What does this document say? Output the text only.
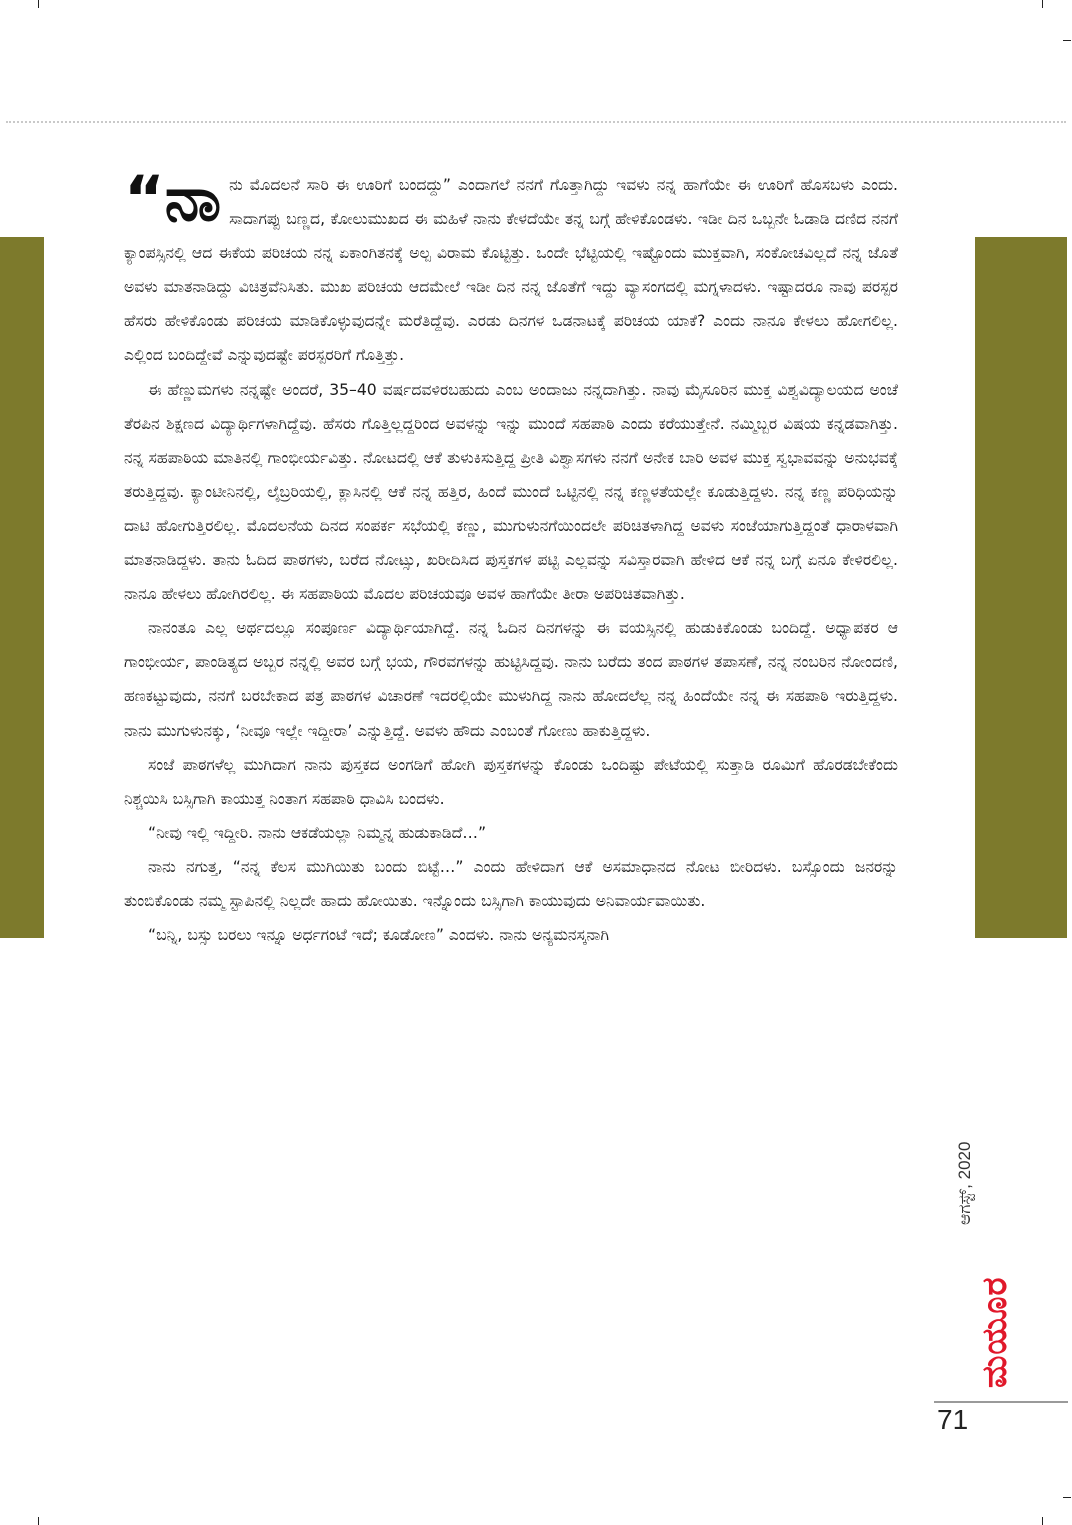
“ನಾ ನು ಮೊದಲನೆ ಸಾರಿ ಈ ಊರಿಗೆ ಬಂದದ್ದು” ಎಂದಾಗಲೆ ನನಗೆ ಗೊತ್ತಾಗಿದ್ದು ಇವಳು ನನ್ನ ಹಾಗೆಯೇ ಈ ಊರಿಗೆ ಹೊಸಬಳು ಎಂದು. ಸಾದಾಗಪ್ಪು ಬಣ್ಣದ, ಕೋಲುಮುಖದ ಈ ಮಹಿಳೆ ನಾನು ಕೇಳದೆಯೇ ತನ್ನ ಬಗ್ಗೆ ಹೇಳಿಕೊಂಡಳು. ಇಡೀ ದಿನ ಒಬ್ಬನೇ ಓಡಾಡಿ ದಣಿದ ನನಗೆ ಕ್ಯಾಂಪಸ್ಸಿನಲ್ಲಿ ಆದ ಈಕೆಯ ಪರಿಚಯ ನನ್ನ ಏಕಾಂಗಿತನಕ್ಕೆ ಅಲ್ಪ ವಿರಾಮ ಕೊಟ್ಟಿತ್ತು. ಒಂದೇ ಭೆಟ್ಟಿಯಲ್ಲಿ ಇಷ್ಟೊಂದು ಮುಕ್ತವಾಗಿ, ಸಂಕೋಚವಿಲ್ಲದೆ ನನ್ನ ಜೊತೆ ಅವಳು ಮಾತನಾಡಿದ್ದು ವಿಚಿತ್ರವೆನಿಸಿತು. ಮುಖ ಪರಿಚಯ ಆದಮೇಲೆ ಇಡೀ ದಿನ ನನ್ನ ಜೊತೆಗೆ ಇದ್ದು ವ್ಯಾಸಂಗದಲ್ಲಿ ಮಗ್ನಳಾದಳು. ಇಷ್ಟಾದರೂ ನಾವು ಪರಸ್ಪರ ಹೆಸರು ಹೇಳಿಕೊಂಡು ಪರಿಚಯ ಮಾಡಿಕೊಳ್ಳುವುದನ್ನೇ ಮರೆತಿದ್ದೆವು. ಎರಡು ದಿನಗಳ ಒಡನಾಟಕ್ಕೆ ಪರಿಚಯ ಯಾಕೆ? ಎಂದು ನಾನೂ ಕೇಳಲು ಹೋಗಲಿಲ್ಲ. ಎಲ್ಲಿಂದ ಬಂದಿದ್ದೇವೆ ಎನ್ನುವುದಷ್ಟೇ ಪರಸ್ಪರರಿಗೆ ಗೊತ್ತಿತ್ತು.

ಈ ಹೆಣ್ಣುಮಗಳು ನನ್ನಷ್ಟೇ ಅಂದರೆ, 35–40 ವರ್ಷದವಳಿರಬಹುದು ಎಂಬ ಅಂದಾಜು ನನ್ನದಾಗಿತ್ತು. ನಾವು ಮೈಸೂರಿನ ಮುಕ್ತ ವಿಶ್ವವಿದ್ಯಾಲಯದ ಅಂಚೆ ತೆರಪಿನ ಶಿಕ್ಷಣದ ವಿದ್ಯಾರ್ಥಿಗಳಾಗಿದ್ದೆವು. ಹೆಸರು ಗೊತ್ತಿಲ್ಲದ್ದರಿಂದ ಅವಳನ್ನು ಇನ್ನು ಮುಂದೆ ಸಹಪಾಠಿ ಎಂದು ಕರೆಯುತ್ತೇನೆ. ನಮ್ಮಿಬ್ಬರ ವಿಷಯ ಕನ್ನಡವಾಗಿತ್ತು. ನನ್ನ ಸಹಪಾಠಿಯ ಮಾತಿನಲ್ಲಿ ಗಾಂಭೀರ್ಯವಿತ್ತು. ನೋಟದಲ್ಲಿ ಆಕೆ ತುಳುಕಿಸುತ್ತಿದ್ದ ಪ್ರೀತಿ ವಿಶ್ವಾಸಗಳು ನನಗೆ ಅನೇಕ ಬಾರಿ ಅವಳ ಮುಕ್ತ ಸ್ವಭಾವವನ್ನು ಅನುಭವಕ್ಕೆ ತರುತ್ತಿದ್ದವು. ಕ್ಯಾಂಟೀನಿನಲ್ಲಿ, ಲೈಬ್ರರಿಯಲ್ಲಿ, ಕ್ಲಾಸಿನಲ್ಲಿ ಆಕೆ ನನ್ನ ಹತ್ತಿರ, ಹಿಂದೆ ಮುಂದೆ ಒಟ್ಟಿನಲ್ಲಿ ನನ್ನ ಕಣ್ಣಳತೆಯಲ್ಲೇ ಕೂಡುತ್ತಿದ್ದಳು. ನನ್ನ ಕಣ್ಣ ಪರಿಧಿಯನ್ನು ದಾಟಿ ಹೋಗುತ್ತಿರಲಿಲ್ಲ. ಮೊದಲನೆಯ ದಿನದ ಸಂಪರ್ಕ ಸಭೆಯಲ್ಲಿ ಕಣ್ಣು, ಮುಗುಳುನಗೆಯಿಂದಲೇ ಪರಿಚಿತಳಾಗಿದ್ದ ಅವಳು ಸಂಜೆಯಾಗುತ್ತಿದ್ದಂತೆ ಧಾರಾಳವಾಗಿ ಮಾತನಾಡಿದ್ದಳು. ತಾನು ಓದಿದ ಪಾಠಗಳು, ಬರೆದ ನೋಟ್ಸು, ಖರೀದಿಸಿದ ಪುಸ್ತಕಗಳ ಪಟ್ಟಿ ಎಲ್ಲವನ್ನು ಸವಿಸ್ತಾರವಾಗಿ ಹೇಳಿದ ಆಕೆ ನನ್ನ ಬಗ್ಗೆ ಏನೂ ಕೇಳಿರಲಿಲ್ಲ. ನಾನೂ ಹೇಳಲು ಹೋಗಿರಲಿಲ್ಲ. ಈ ಸಹಪಾಠಿಯ ಮೊದಲ ಪರಿಚಯವೂ ಅವಳ ಹಾಗೆಯೇ ತೀರಾ ಅಪರಿಚಿತವಾಗಿತ್ತು.

ನಾನಂತೂ ಎಲ್ಲ ಅರ್ಥದಲ್ಲೂ ಸಂಪೂರ್ಣ ವಿದ್ಯಾರ್ಥಿಯಾಗಿದ್ದೆ. ನನ್ನ ಓದಿನ ದಿನಗಳನ್ನು ಈ ವಯಸ್ಸಿನಲ್ಲಿ ಹುಡುಕಿಕೊಂಡು ಬಂದಿದ್ದೆ. ಅಧ್ಯಾಪಕರ ಆ ಗಾಂಭೀರ್ಯ, ಪಾಂಡಿತ್ಯದ ಅಬ್ಬರ ನನ್ನಲ್ಲಿ ಅವರ ಬಗ್ಗೆ ಭಯ, ಗೌರವಗಳನ್ನು ಹುಟ್ಟಿಸಿದ್ದವು. ನಾನು ಬರೆದು ತಂದ ಪಾಠಗಳ ತಪಾಸಣೆ, ನನ್ನ ನಂಬರಿನ ನೋಂದಣಿ, ಹಣಕಟ್ಟುವುದು, ನನಗೆ ಬರಬೇಕಾದ ಪತ್ರ ಪಾಠಗಳ ವಿಚಾರಣೆ ಇದರಲ್ಲಿಯೇ ಮುಳುಗಿದ್ದ ನಾನು ಹೋದಲೆಲ್ಲ ನನ್ನ ಹಿಂದೆಯೇ ನನ್ನ ಈ ಸಹಪಾಠಿ ಇರುತ್ತಿದ್ದಳು. ನಾನು ಮುಗುಳುನಕ್ಕು, ‘ನೀವೂ ಇಲ್ಲೇ ಇದ್ದೀರಾ’ ಎನ್ನುತ್ತಿದ್ದೆ. ಅವಳು ಹೌದು ಎಂಬಂತೆ ಗೋಣು ಹಾಕುತ್ತಿದ್ದಳು.

ಸಂಜೆ ಪಾಠಗಳೆಲ್ಲ ಮುಗಿದಾಗ ನಾನು ಪುಸ್ತಕದ ಅಂಗಡಿಗೆ ಹೋಗಿ ಪುಸ್ತಕಗಳನ್ನು ಕೊಂಡು ಒಂದಿಷ್ಟು ಪೇಟೆಯಲ್ಲಿ ಸುತ್ತಾಡಿ ರೂಮಿಗೆ ಹೊರಡಬೇಕೆಂದು ನಿಶ್ಚಯಿಸಿ ಬಸ್ಸಿಗಾಗಿ ಕಾಯುತ್ತ ನಿಂತಾಗ ಸಹಪಾಠಿ ಧಾವಿಸಿ ಬಂದಳು.

“ನೀವು ಇಲ್ಲಿ ಇದ್ದೀರಿ. ನಾನು ಆಕಡೆಯಲ್ಲಾ ನಿಮ್ಮನ್ನ ಹುಡುಕಾಡಿದೆ…”

ನಾನು ನಗುತ್ತ, “ನನ್ನ ಕೆಲಸ ಮುಗಿಯಿತು ಬಂದು ಬಿಟ್ಟೆ…” ಎಂದು ಹೇಳಿದಾಗ ಆಕೆ ಅಸಮಾಧಾನದ ನೋಟ ಬೀರಿದಳು. ಬಸ್ಸೊಂದು ಜನರನ್ನು ತುಂಬಿಕೊಂಡು ನಮ್ಮ ಸ್ಟಾಪಿನಲ್ಲಿ ನಿಲ್ಲದೇ ಹಾದು ಹೋಯಿತು. ಇನ್ನೊಂದು ಬಸ್ಸಿಗಾಗಿ ಕಾಯುವುದು ಅನಿವಾರ್ಯವಾಯಿತು.

“ಬನ್ನಿ, ಬಸ್ಸು ಬರಲು ಇನ್ನೂ ಅರ್ಧಗಂಟೆ ಇದೆ; ಕೂಡೋಣ” ಎಂದಳು. ನಾನು ಅನ್ಯಮನಸ್ಕನಾಗಿ

ಆಗಸ್ಟ್, 2020
ಮಯೂರ
71
